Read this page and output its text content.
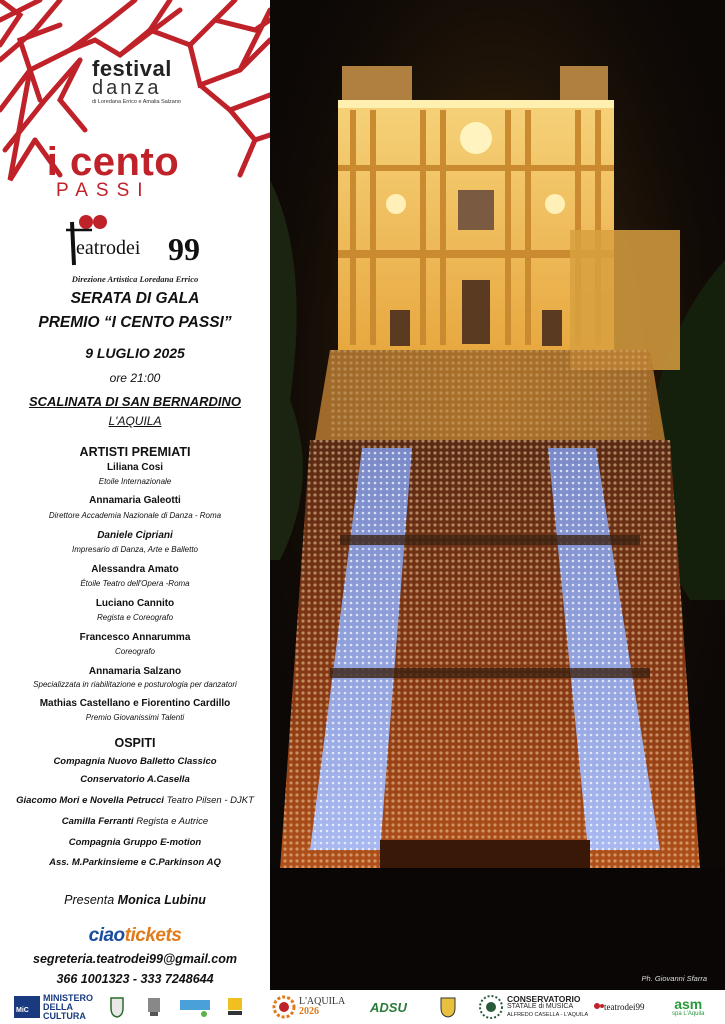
festival
danza
di Loredana Errico e Amalia Salzano
i cento
PASSI
eatrodei 99
Direzione Artistica Loredana Errico
SERATA DI GALA
PREMIO “I CENTO PASSI”
9 LUGLIO 2025
ore 21:00
SCALINATA DI SAN BERNARDINO
L'AQUILA
ARTISTI PREMIATI
Liliana Cosi
Etoile Internazionale
Annamaria Galeotti
Direttore Accademia Nazionale di Danza - Roma
Daniele Cipriani
Impresario di Danza, Arte e Balletto
Alessandra Amato
Étoile Teatro dell'Opera -Roma
Luciano Cannito
Regista e Coreografo
Francesco Annarumma
Coreografo
Annamaria Salzano
Specializzata in riabilitazione e posturologia per danzatori
Mathias Castellano e Fiorentino Cardillo
Premio Giovanissimi Talenti
OSPITI
Compagnia Nuovo Balletto Classico
Conservatorio A.Casella
Giacomo Mori e Novella Petrucci Teatro Pilsen - DJKT
Camilla Ferranti Regista e Autrice
Compagnia Gruppo E-motion
Ass. M.Parkinsieme e C.Parkinson AQ
Presenta Monica Lubinu
ciaotickets
segreteria.teatrodei99@gmail.com
366 1001323 - 333 7248644	Ph. Giovanni Sfarra
MiC
MINISTERO
DELLA
CULTURA
L'AQUILA
2026	ADSU
CONSERVATORIO
STATALE di MUSICA
ALFREDO CASELLA - L'AQUILA
teatrodei99 asm
spa L'Aquila
